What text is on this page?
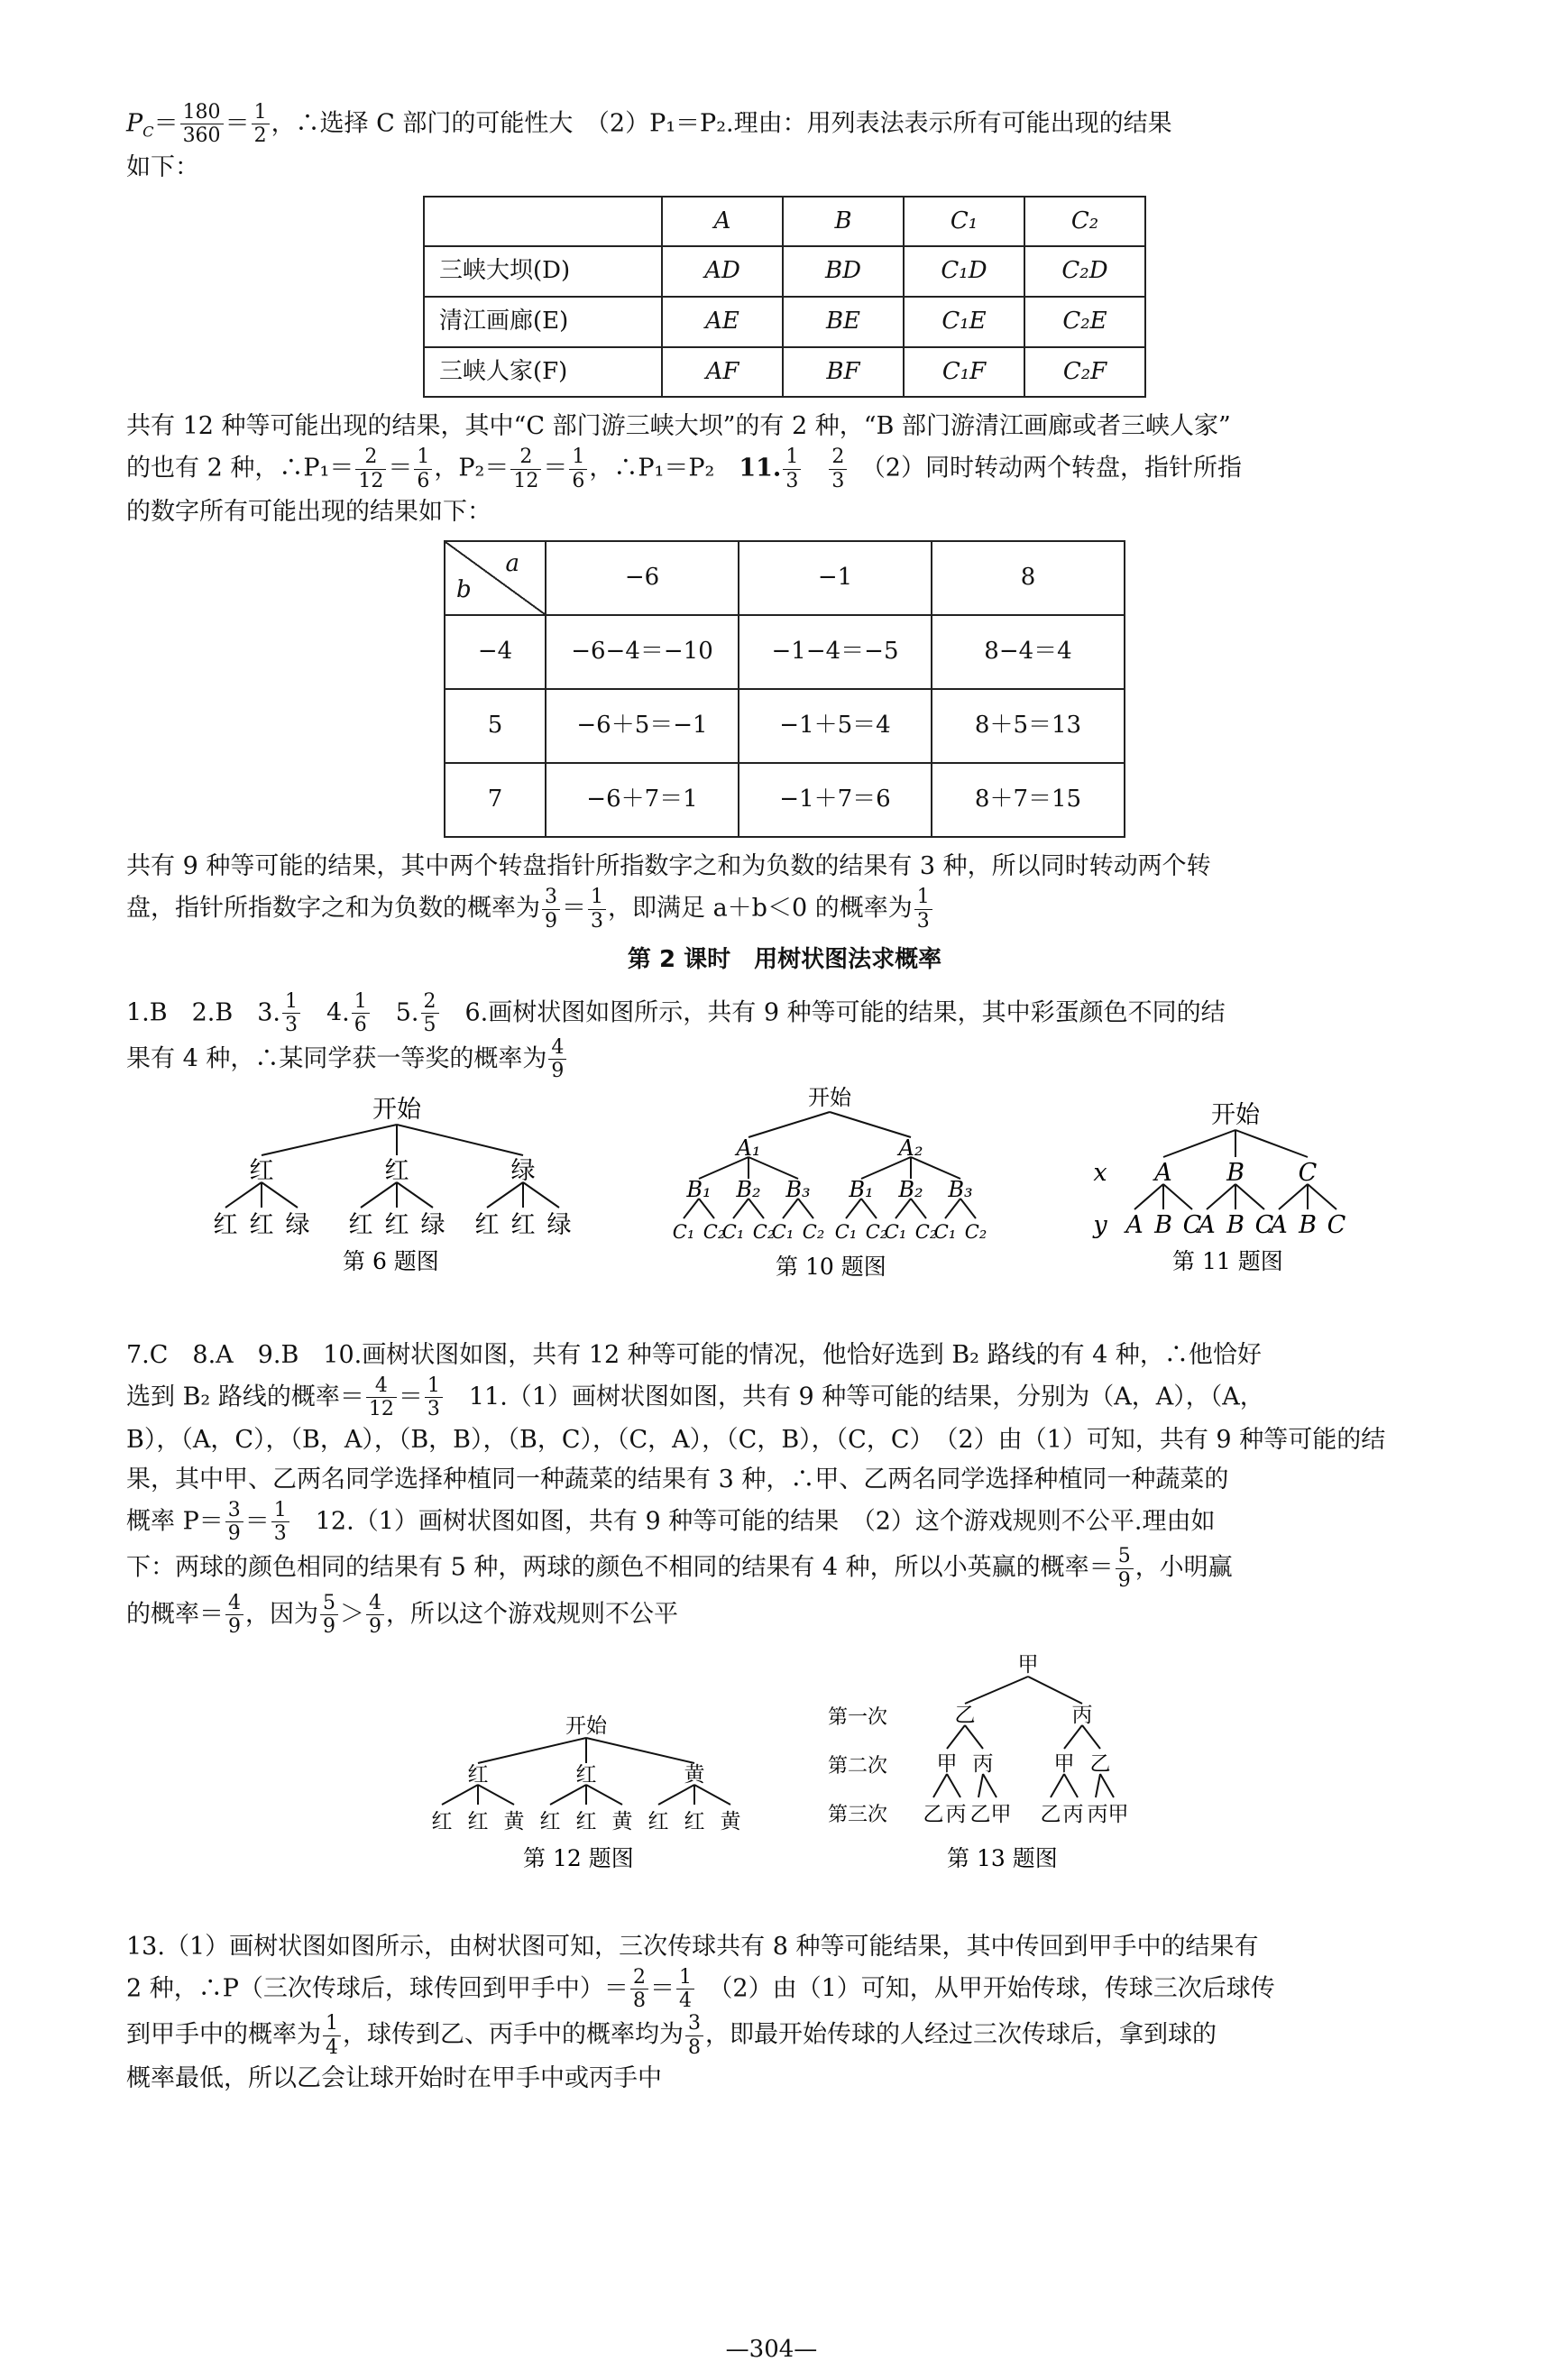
$P_C= \frac{180}{360} = \frac{1}{2}$ ，∴选择 C 部门的可能性大　（2）P₁＝P₂.理由：用列表法表示所有可能出现的结果
如下：

	A	B	C₁	C₂
三峡大坝(D)	AD	BD	C₁D	C₂D
清江画廊(E)	AE	BE	C₁E	C₂E
三峡人家(F)	AF	BF	C₁F	C₂F

共有 12 种等可能出现的结果，其中“C 部门游三峡大坝”的有 2 种，“B 部门游清江画廊或者三峡人家”
的也有 2 种，∴P₁＝ $\frac{2}{12} = \frac{1}{6}$ ，$P_2= \frac{2}{12} = \frac{1}{6}$ ，∴P₁＝P₂　11. $\frac{1}{3}$
　 $\frac{2}{3}$
　 （2）同时转动两个转盘，指针所指
的数字所有可能出现的结果如下：

a
b	−6	−1	8
−4	−6−4＝−10	−1−4＝−5	8−4＝4
5	−6＋5＝−1	−1＋5＝4	8＋5＝13
7	−6＋7＝1	−1＋7＝6	8＋7＝15

共有 9 种等可能的结果，其中两个转盘指针所指数字之和为负数的结果有 3 种，所以同时转动两个转
盘，指针所指数字之和为负数的概率为 $\frac{3}{9} = \frac{1}{3}$ ，即满足 a＋b＜0 的概率为 $\frac{1}{3}$

第 2 课时　用树状图法求概率

1.B　2.B　3. $\frac{1}{3}$ 　4. $\frac{1}{6}$ 　5. $\frac{2}{5}$ 　6.画树状图如图所示，共有 9 种等可能的结果，其中彩蛋颜色不同的结
果有 4 种，∴某同学获一等奖的概率为 $\frac{4}{9}$

开始
红	红	绿
红 红 绿 红 红 绿 红 红 绿
第 6 题图
开始
A₁	A₂
B₁ B₂ B₃ B₁ B₂ B₃
C₁ C₂
C₁ C₂
C₁ C₂ C₁ C₂
C₁ C₂
C₁ C₂
第 10 题图
开始
x
y
A B C
A B C
A B C
A B C
第 11 题图

7.C　8.A　9.B　10.画树状图如图，共有 12 种等可能的情况，他恰好选到 B₂ 路线的有 4 种，∴他恰好
选到 B₂ 路线的概率＝ $\frac{4}{12} = \frac{1}{3}$ 　11.（1）画树状图如图，共有 9 种等可能的结果，分别为（A，A），（A，
B），（A，C），（B，A），（B，B），（B，C），（C，A），（C，B），（C，C）　（2）由（1）可知，共有 9 种等可能的结
果，其中甲、乙两名同学选择种植同一种蔬菜的结果有 3 种，∴甲、乙两名同学选择种植同一种蔬菜的
概率 $P= \frac{3}{9} = \frac{1}{3}$ 　12.（1）画树状图如图，共有 9 种等可能的结果　（2）这个游戏规则不公平.理由如
下：两球的颜色相同的结果有 5 种，两球的颜色不相同的结果有 4 种，所以小英赢的概率＝ $\frac{5}{9}$ ，小明赢
的概率＝ $\frac{4}{9}$ ，因为 $\frac{5}{9} > \frac{4}{9}$ ，所以这个游戏规则不公平

开始
红	红	黄
红 红 黄 红 红 黄 红 红 黄
第 12 题图
第一次
第二次
第三次
甲
乙	丙
甲 丙	甲 乙
乙 丙 乙 甲 乙 丙 丙 甲
第 13 题图

13.（1）画树状图如图所示，由树状图可知，三次传球共有 8 种等可能结果，其中传回到甲手中的结果有
2 种，∴P（三次传球后，球传回到甲手中）＝ $\frac{2}{8} = \frac{1}{4}$ 　（2）由（1）可知，从甲开始传球，传球三次后球传
到甲手中的概率为 $\frac{1}{4}$ ，球传到乙、丙手中的概率均为 $\frac{3}{8}$ ，即最开始传球的人经过三次传球后，拿到球的
概率最低，所以乙会让球开始时在甲手中或丙手中

—304—
